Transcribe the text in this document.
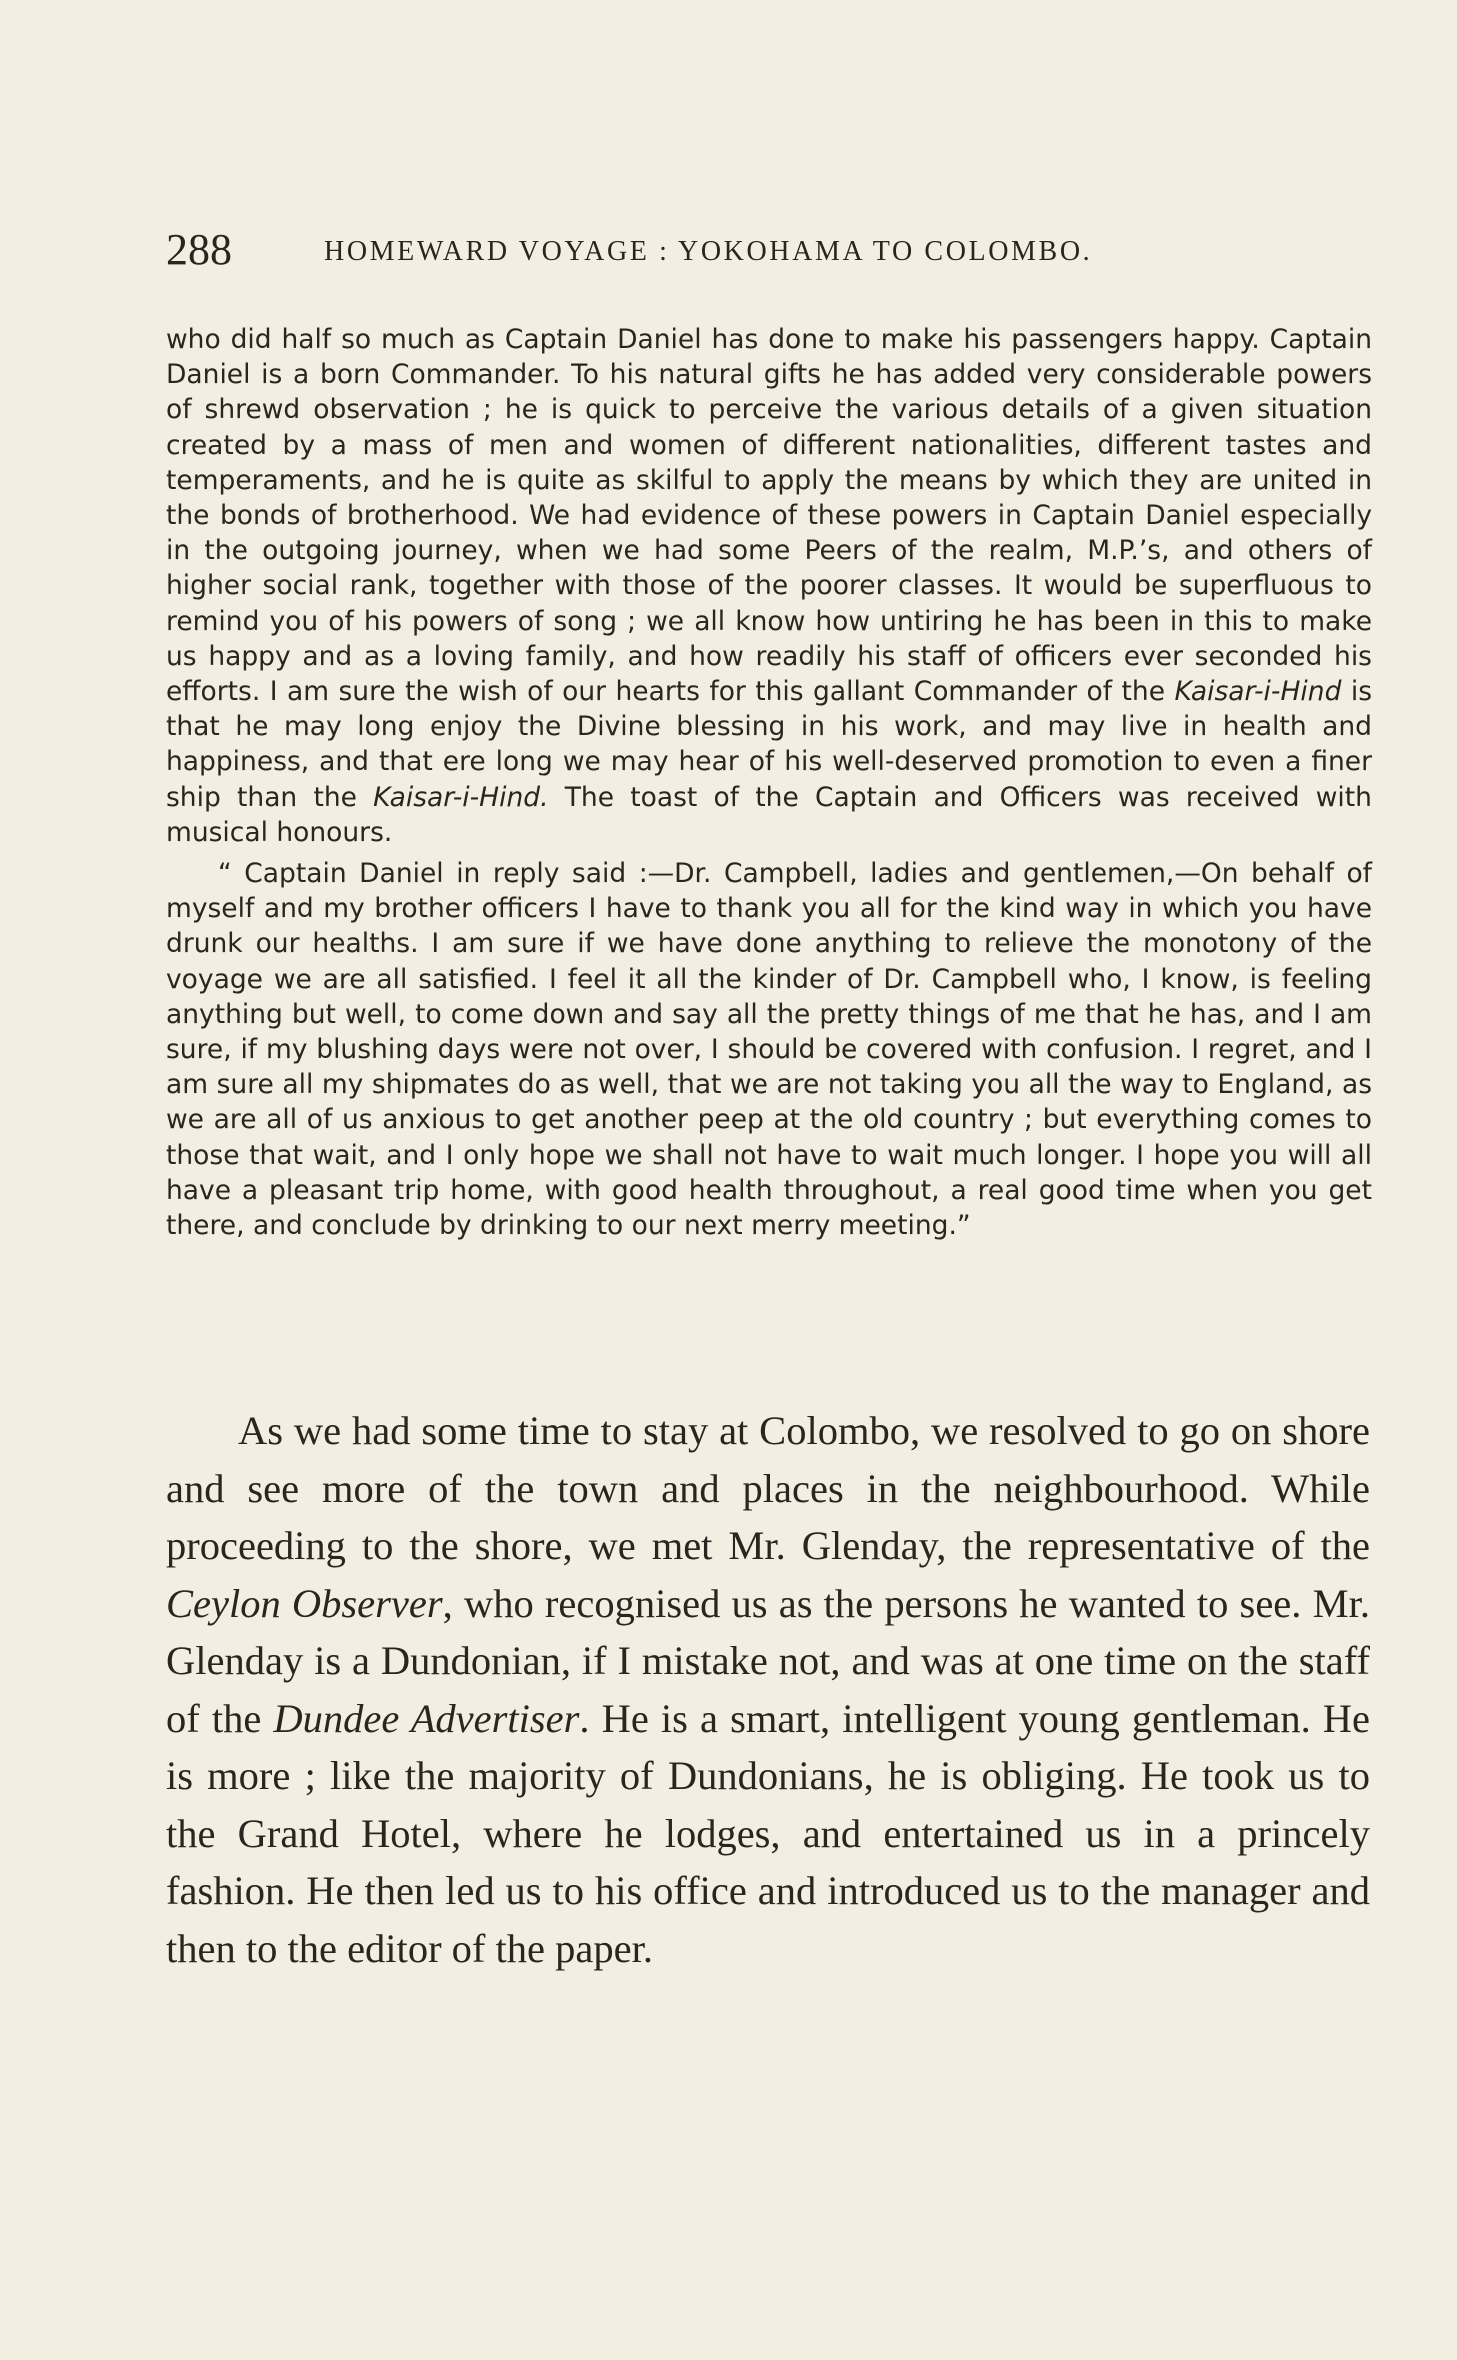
288	HOMEWARD VOYAGE : YOKOHAMA TO COLOMBO.

who did half so much as Captain Daniel has done to make his passengers happy. Captain Daniel is a born Commander. To his natural gifts he has added very considerable powers of shrewd observation ; he is quick to perceive the various details of a given situation created by a mass of men and women of different nationalities, different tastes and temperaments, and he is quite as skilful to apply the means by which they are united in the bonds of brotherhood. We had evidence of these powers in Captain Daniel especially in the outgoing journey, when we had some Peers of the realm, M.P.’s, and others of higher social rank, together with those of the poorer classes. It would be superfluous to remind you of his powers of song ; we all know how untiring he has been in this to make us happy and as a loving family, and how readily his staff of officers ever seconded his efforts. I am sure the wish of our hearts for this gallant Commander of the Kaisar-i-Hind is that he may long enjoy the Divine blessing in his work, and may live in health and happiness, and that ere long we may hear of his well-deserved promotion to even a finer ship than the Kaisar-i-Hind. The toast of the Captain and Officers was received with musical honours.

“ Captain Daniel in reply said :—Dr. Campbell, ladies and gentlemen,—On behalf of myself and my brother officers I have to thank you all for the kind way in which you have drunk our healths. I am sure if we have done anything to relieve the monotony of the voyage we are all satisfied. I feel it all the kinder of Dr. Campbell who, I know, is feeling anything but well, to come down and say all the pretty things of me that he has, and I am sure, if my blushing days were not over, I should be covered with confusion. I regret, and I am sure all my shipmates do as well, that we are not taking you all the way to England, as we are all of us anxious to get another peep at the old country ; but everything comes to those that wait, and I only hope we shall not have to wait much longer. I hope you will all have a pleasant trip home, with good health throughout, a real good time when you get there, and conclude by drinking to our next merry meeting.”

As we had some time to stay at Colombo, we resolved to go on shore and see more of the town and places in the neighbourhood. While proceeding to the shore, we met Mr. Glenday, the representative of the Ceylon Observer, who recognised us as the persons he wanted to see. Mr. Glenday is a Dundonian, if I mistake not, and was at one time on the staff of the Dundee Advertiser. He is a smart, intelligent young gentleman. He is more ; like the majority of Dundonians, he is obliging. He took us to the Grand Hotel, where he lodges, and entertained us in a princely fashion. He then led us to his office and introduced us to the manager and then to the editor of the paper.
